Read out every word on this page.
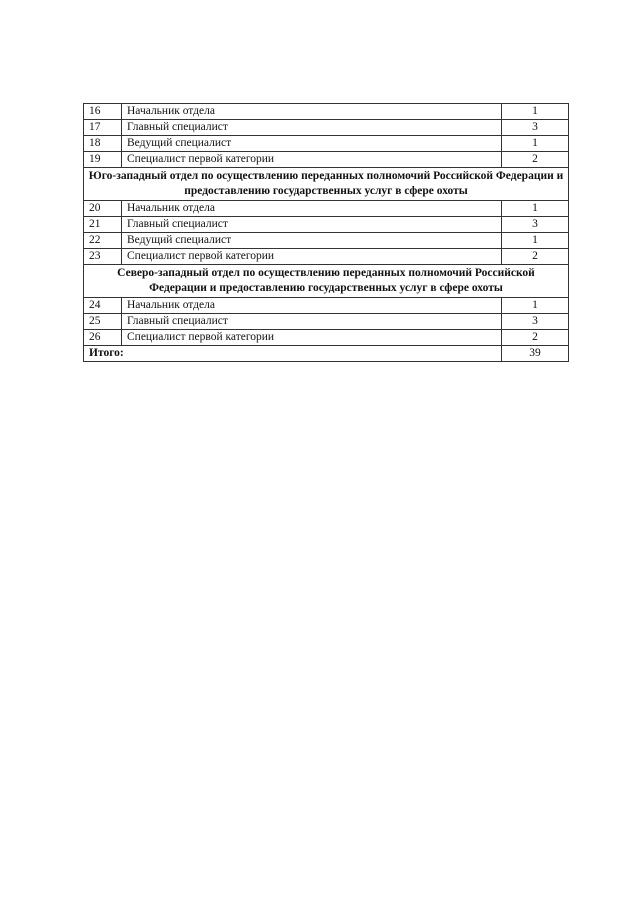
16	Начальник отдела	1
17	Главный специалист	3
18	Ведущий специалист	1
19	Специалист первой категории	2
Юго-западный отдел по осуществлению переданных полномочий Российской Федерации и предоставлению государственных услуг в сфере охоты		
20	Начальник отдела	1
21	Главный специалист	3
22	Ведущий специалист	1
23	Специалист первой категории	2
Северо-западный отдел по осуществлению переданных полномочий Российской Федерации и предоставлению государственных услуг в сфере охоты		
24	Начальник отдела	1
25	Главный специалист	3
26	Специалист первой категории	2
Итого:		39
